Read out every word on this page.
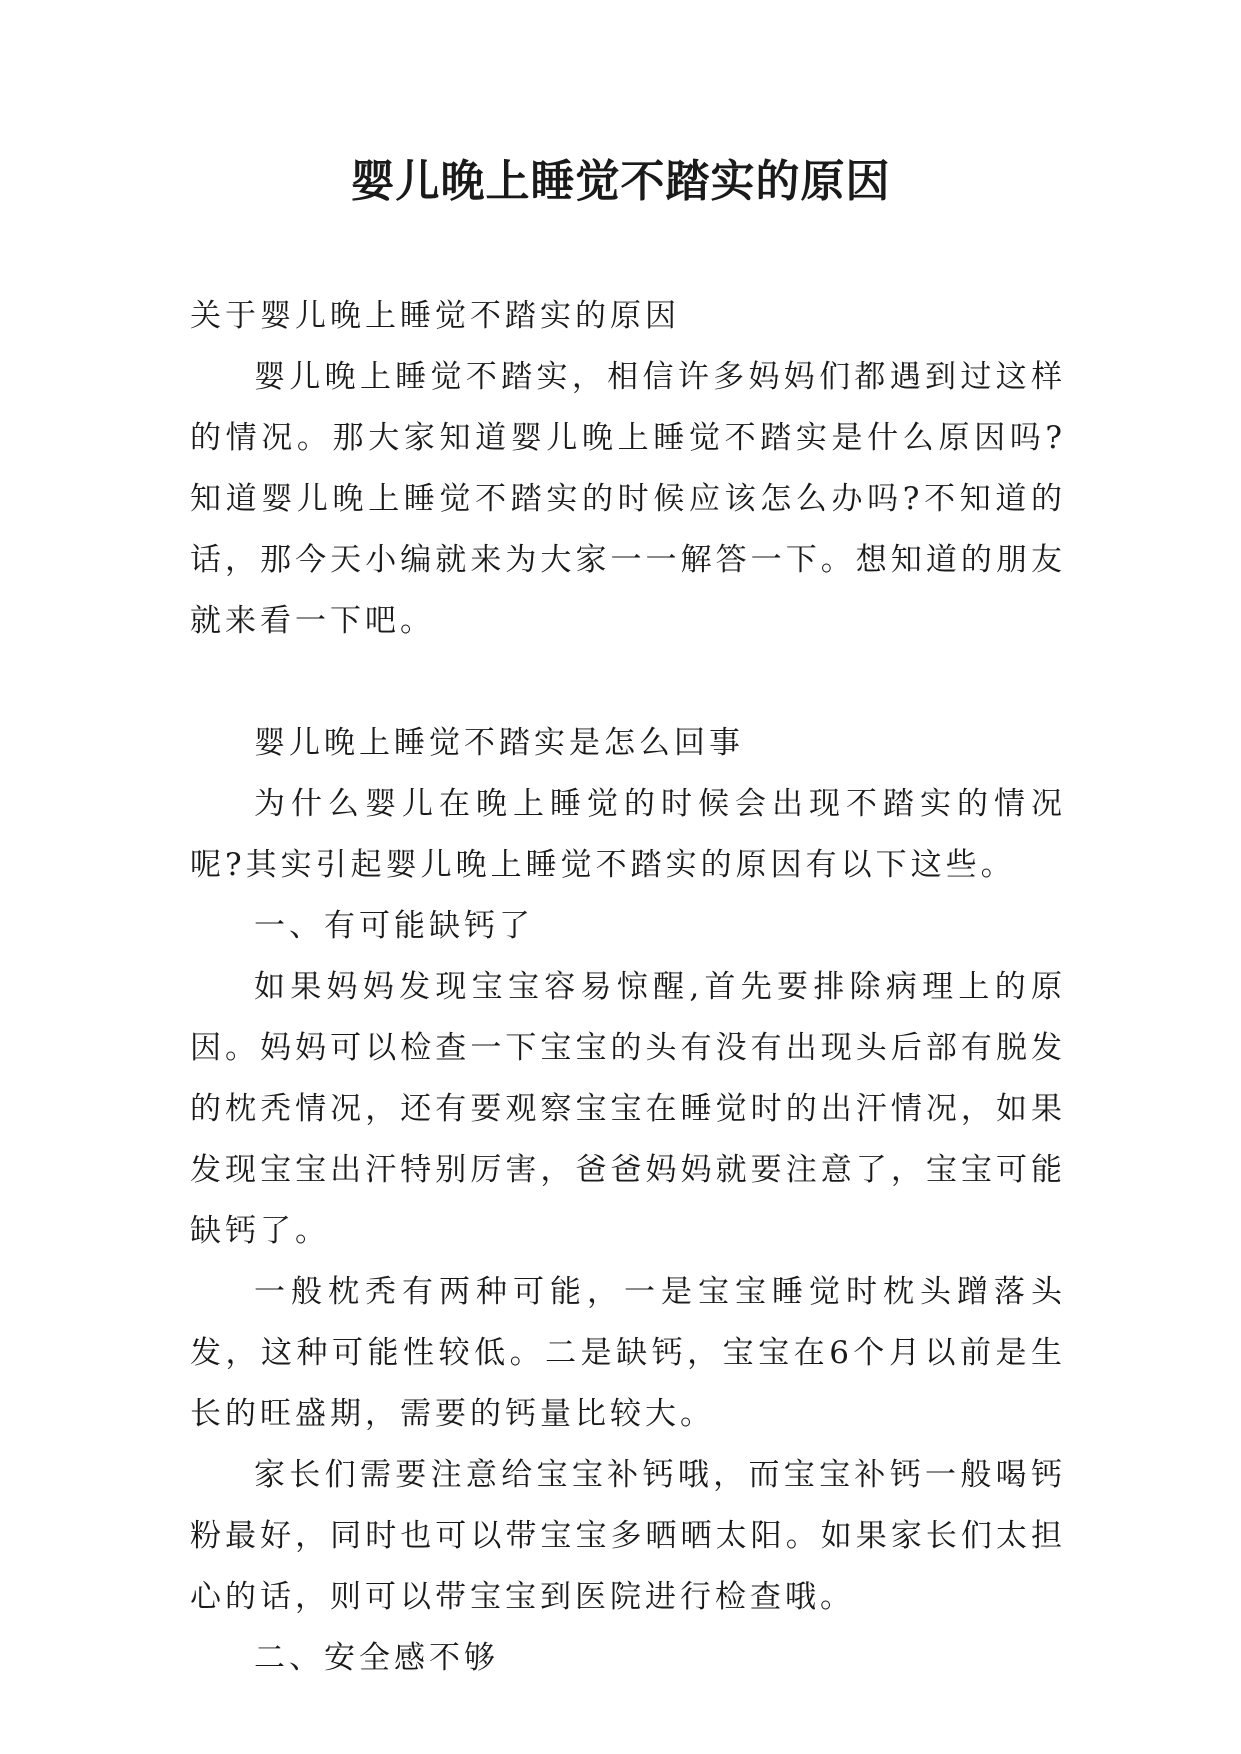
婴儿晚上睡觉不踏实的原因

关于婴儿晚上睡觉不踏实的原因

婴儿晚上睡觉不踏实，相信许多妈妈们都遇到过这样的情况。那大家知道婴儿晚上睡觉不踏实是什么原因吗?知道婴儿晚上睡觉不踏实的时候应该怎么办吗?不知道的话，那今天小编就来为大家一一解答一下。想知道的朋友就来看一下吧。

婴儿晚上睡觉不踏实是怎么回事

为什么婴儿在晚上睡觉的时候会出现不踏实的情况呢?其实引起婴儿晚上睡觉不踏实的原因有以下这些。

一、有可能缺钙了

如果妈妈发现宝宝容易惊醒,首先要排除病理上的原因。妈妈可以检查一下宝宝的头有没有出现头后部有脱发的枕秃情况，还有要观察宝宝在睡觉时的出汗情况，如果发现宝宝出汗特别厉害，爸爸妈妈就要注意了，宝宝可能缺钙了。

一般枕秃有两种可能，一是宝宝睡觉时枕头蹭落头发，这种可能性较低。二是缺钙，宝宝在6个月以前是生长的旺盛期，需要的钙量比较大。

家长们需要注意给宝宝补钙哦，而宝宝补钙一般喝钙粉最好，同时也可以带宝宝多晒晒太阳。如果家长们太担心的话，则可以带宝宝到医院进行检查哦。

二、安全感不够
